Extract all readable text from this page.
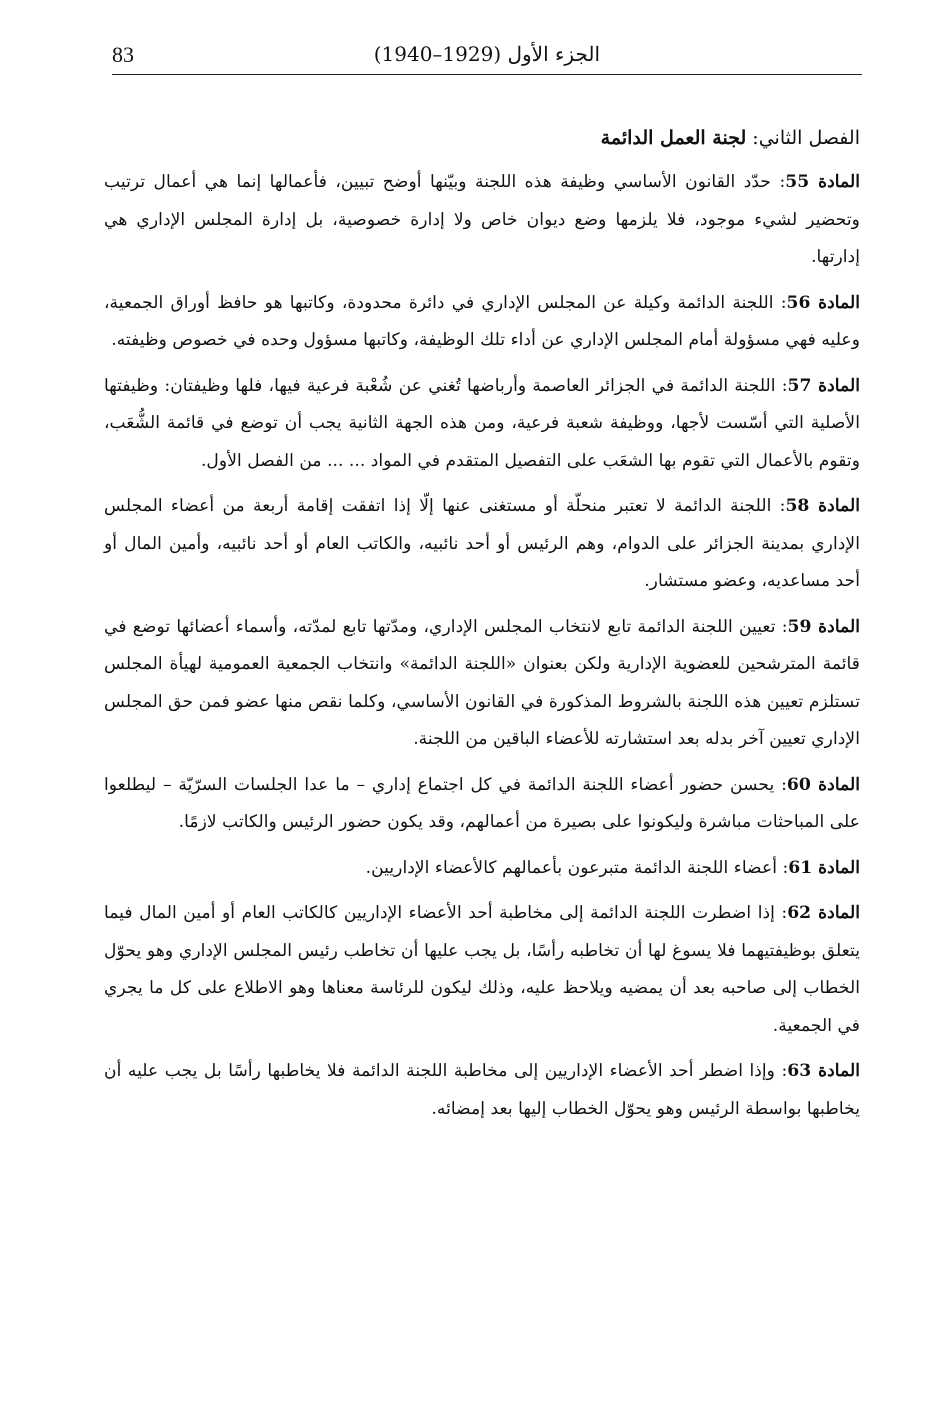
83	الجزء الأول (1929–1940)

الفصل الثاني: لجنة العمل الدائمة

المادة 55: حدّد القانون الأساسي وظيفة هذه اللجنة وبيّنها أوضح تبيين، فأعمالها إنما هي أعمال ترتيب وتحضير لشيء موجود، فلا يلزمها وضع ديوان خاص ولا إدارة خصوصية، بل إدارة المجلس الإداري هي إدارتها.

المادة 56: اللجنة الدائمة وكيلة عن المجلس الإداري في دائرة محدودة، وكاتبها هو حافظ أوراق الجمعية، وعليه فهي مسؤولة أمام المجلس الإداري عن أداء تلك الوظيفة، وكاتبها مسؤول وحده في خصوص وظيفته.

المادة 57: اللجنة الدائمة في الجزائر العاصمة وأرباضها تُغني عن شُعْبة فرعية فيها، فلها وظيفتان: وظيفتها الأصلية التي أسّست لأجها، ووظيفة شعبة فرعية، ومن هذه الجهة الثانية يجب أن توضع في قائمة الشُّعَب، وتقوم بالأعمال التي تقوم بها الشعَب على التفصيل المتقدم في المواد ... ... من الفصل الأول.

المادة 58: اللجنة الدائمة لا تعتبر منحلّة أو مستغنى عنها إلّا إذا اتفقت إقامة أربعة من أعضاء المجلس الإداري بمدينة الجزائر على الدوام، وهم الرئيس أو أحد نائبيه، والكاتب العام أو أحد نائبيه، وأمين المال أو أحد مساعديه، وعضو مستشار.

المادة 59: تعيين اللجنة الدائمة تابع لانتخاب المجلس الإداري، ومدّتها تابع لمدّته، وأسماء أعضائها توضع في قائمة المترشحين للعضوية الإدارية ولكن بعنوان «اللجنة الدائمة» وانتخاب الجمعية العمومية لهيأة المجلس تستلزم تعيين هذه اللجنة بالشروط المذكورة في القانون الأساسي، وكلما نقص منها عضو فمن حق المجلس الإداري تعيين آخر بدله بعد استشارته للأعضاء الباقين من اللجنة.

المادة 60: يحسن حضور أعضاء اللجنة الدائمة في كل اجتماع إداري – ما عدا الجلسات السرّيّة – ليطلعوا على المباحثات مباشرة وليكونوا على بصيرة من أعمالهم، وقد يكون حضور الرئيس والكاتب لازمًا.

المادة 61: أعضاء اللجنة الدائمة متبرعون بأعمالهم كالأعضاء الإداريين.

المادة 62: إذا اضطرت اللجنة الدائمة إلى مخاطبة أحد الأعضاء الإداريين كالكاتب العام أو أمين المال فيما يتعلق بوظيفتيهما فلا يسوغ لها أن تخاطبه رأسًا، بل يجب عليها أن تخاطب رئيس المجلس الإداري وهو يحوّل الخطاب إلى صاحبه بعد أن يمضيه ويلاحظ عليه، وذلك ليكون للرئاسة معناها وهو الاطلاع على كل ما يجري في الجمعية.

المادة 63: وإذا اضطر أحد الأعضاء الإداريين إلى مخاطبة اللجنة الدائمة فلا يخاطبها رأسًا بل يجب عليه أن يخاطبها بواسطة الرئيس وهو يحوّل الخطاب إليها بعد إمضائه.
